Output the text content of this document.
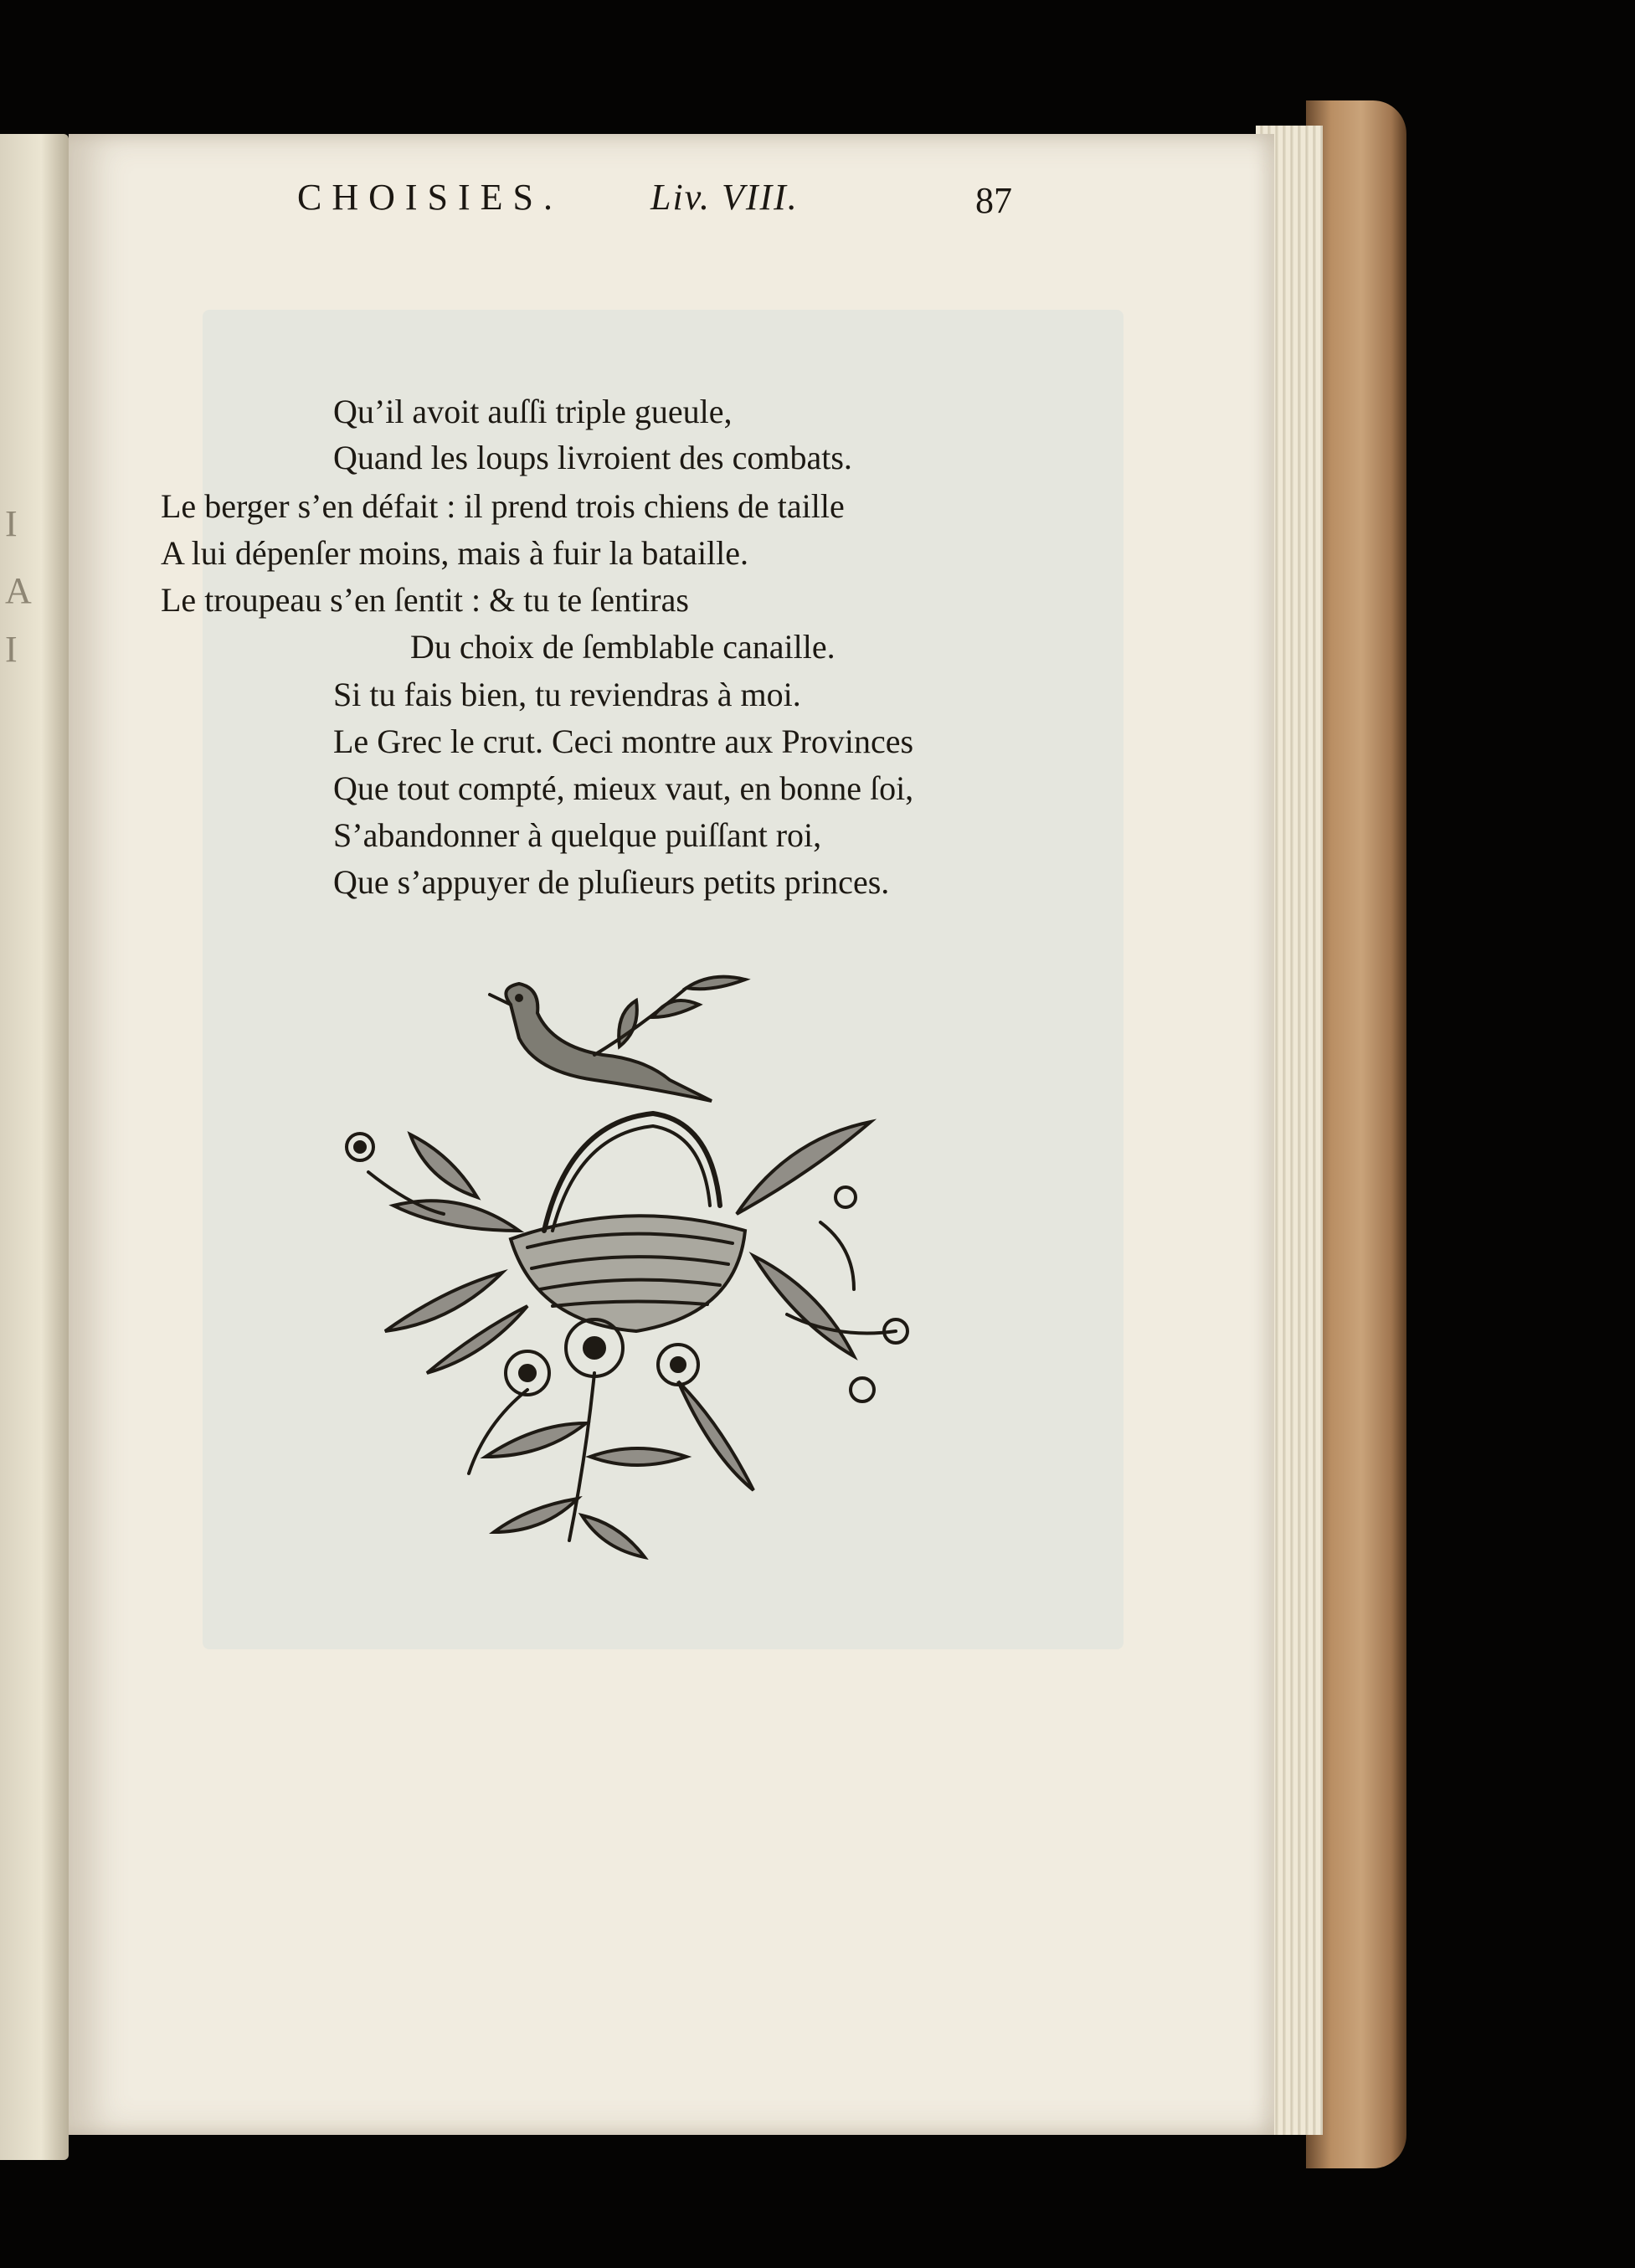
I
A
I
CHOISIES. Liv. VIII.	87
Qu’il avoit auſſi triple gueule,
Quand les loups livroient des combats.
Le berger s’en défait : il prend trois chiens de taille
A lui dépenſer moins, mais à fuir la bataille.
Le troupeau s’en ſentit : & tu te ſentiras
Du choix de ſemblable canaille.
Si tu fais bien, tu reviendras à moi.
Le Grec le crut. Ceci montre aux Provinces
Que tout compté, mieux vaut, en bonne ſoi,
S’abandonner à quelque puiſſant roi,
Que s’appuyer de pluſieurs petits princes.
